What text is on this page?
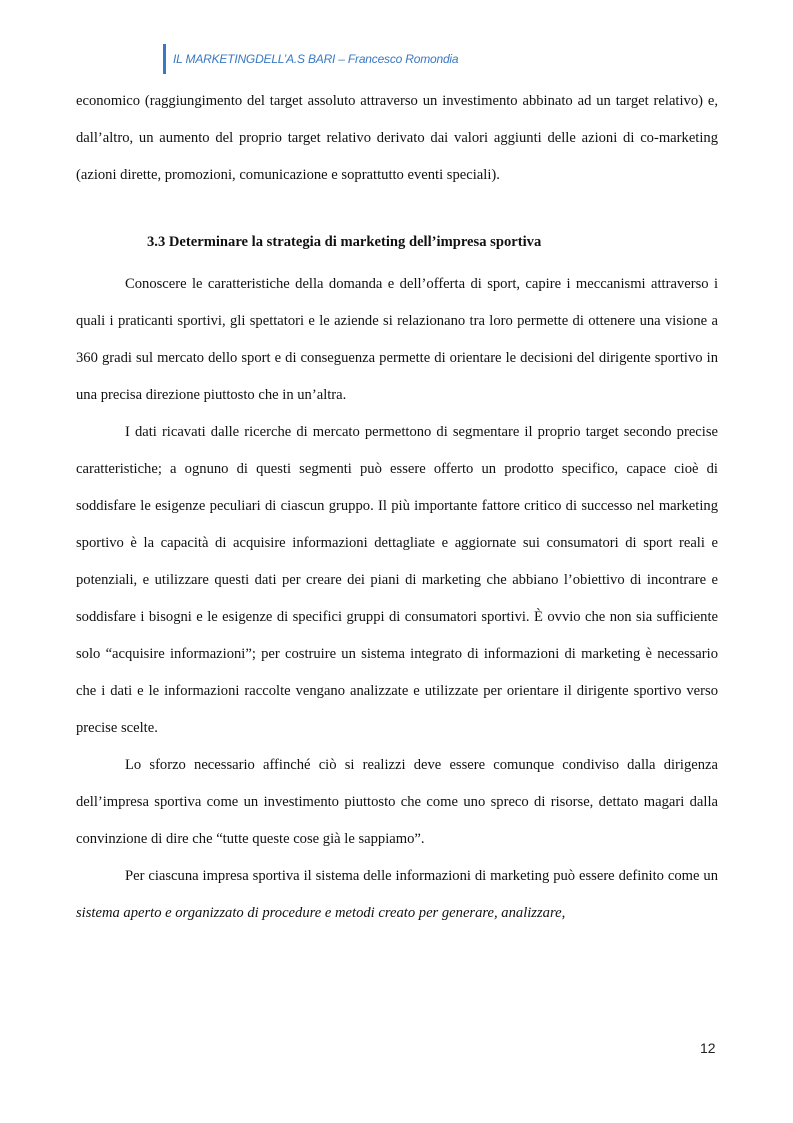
IL MARKETINGDELL’A.S BARI – Francesco Romondia

economico (raggiungimento del target assoluto attraverso un investimento abbinato ad un target relativo) e, dall’altro, un aumento del proprio target relativo derivato dai valori aggiunti delle azioni di co-marketing (azioni dirette, promozioni, comunicazione e soprattutto eventi speciali).

3.3 Determinare la strategia di marketing dell’impresa sportiva

Conoscere le caratteristiche della domanda e dell’offerta di sport, capire i meccanismi attraverso i quali i praticanti sportivi, gli spettatori e le aziende si relazionano tra loro permette di ottenere una visione a 360 gradi sul mercato dello sport e di conseguenza permette di orientare le decisioni del dirigente sportivo in una precisa direzione piuttosto che in un’altra.

I dati ricavati dalle ricerche di mercato permettono di segmentare il proprio target secondo precise caratteristiche; a ognuno di questi segmenti può essere offerto un prodotto specifico, capace cioè di soddisfare le esigenze peculiari di ciascun gruppo. Il più importante fattore critico di successo nel marketing sportivo è la capacità di acquisire informazioni dettagliate e aggiornate sui consumatori di sport reali e potenziali, e utilizzare questi dati per creare dei piani di marketing che abbiano l’obiettivo di incontrare e soddisfare i bisogni e le esigenze di specifici gruppi di consumatori sportivi. È ovvio che non sia sufficiente solo “acquisire informazioni”; per costruire un sistema integrato di informazioni di marketing è necessario che i dati e le informazioni raccolte vengano analizzate e utilizzate per orientare il dirigente sportivo verso precise scelte.

Lo sforzo necessario affinché ciò si realizzi deve essere comunque condiviso dalla dirigenza dell’impresa sportiva come un investimento piuttosto che come uno spreco di risorse, dettato magari dalla convinzione di dire che “tutte queste cose già le sappiamo”.

Per ciascuna impresa sportiva il sistema delle informazioni di marketing può essere definito come un sistema aperto e organizzato di procedure e metodi creato per generare, analizzare,

12
